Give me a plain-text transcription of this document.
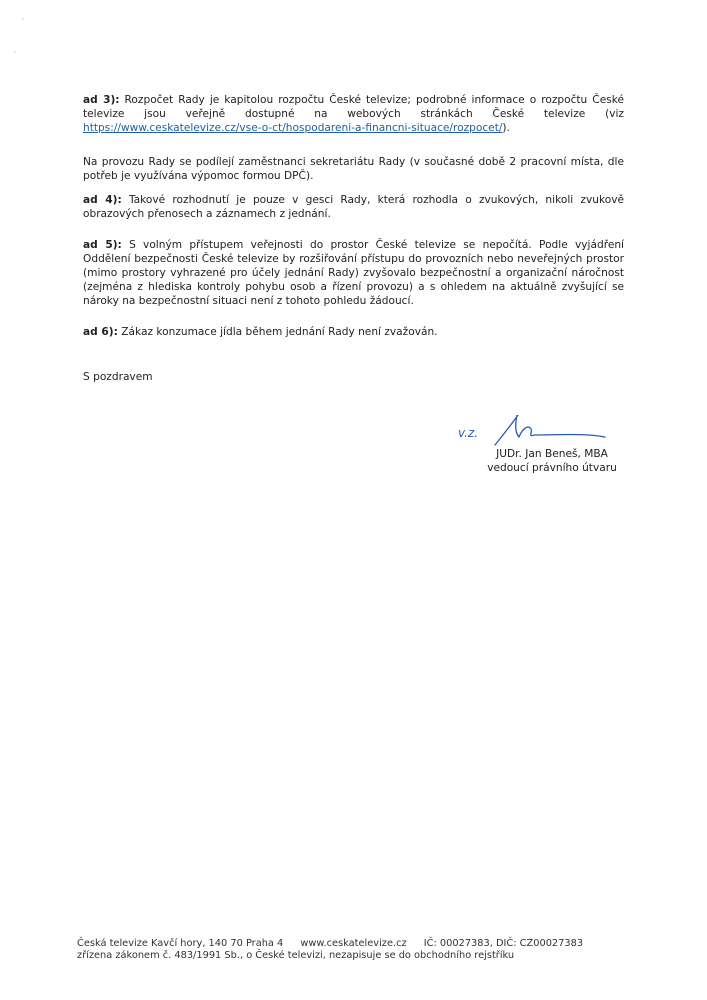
ad 3): Rozpočet Rady je kapitolou rozpočtu České televize; podrobné informace o rozpočtu České televize jsou veřejně dostupné na webových stránkách České televize (viz https://www.ceskatelevize.cz/vse-o-ct/hospodareni-a-financni-situace/rozpocet/).
Na provozu Rady se podílejí zaměstnanci sekretariátu Rady (v současné době 2 pracovní místa, dle potřeb je využívána výpomoc formou DPČ).
ad 4): Takové rozhodnutí je pouze v gesci Rady, která rozhodla o zvukových, nikoli zvukově obrazových přenosech a záznamech z jednání.
ad 5): S volným přístupem veřejnosti do prostor České televize se nepočítá. Podle vyjádření Oddělení bezpečnosti České televize by rozšiřování přístupu do provozních nebo neveřejných prostor (mimo prostory vyhrazené pro účely jednání Rady) zvyšovalo bezpečnostní a organizační náročnost (zejména z hlediska kontroly pohybu osob a řízení provozu) a s ohledem na aktuálně zvyšující se nároky na bezpečnostní situaci není z tohoto pohledu žádoucí.
ad 6): Zákaz konzumace jídla během jednání Rady není zvažován.
S pozdravem
v.z.
JUDr. Jan Beneš, MBA
vedoucí právního útvaru
Česká televize Kavčí hory, 140 70 Praha 4 www.ceskatelevize.cz IČ: 00027383, DIČ: CZ00027383
zřízena zákonem č. 483/1991 Sb., o České televizi, nezapisuje se do obchodního rejstříku
